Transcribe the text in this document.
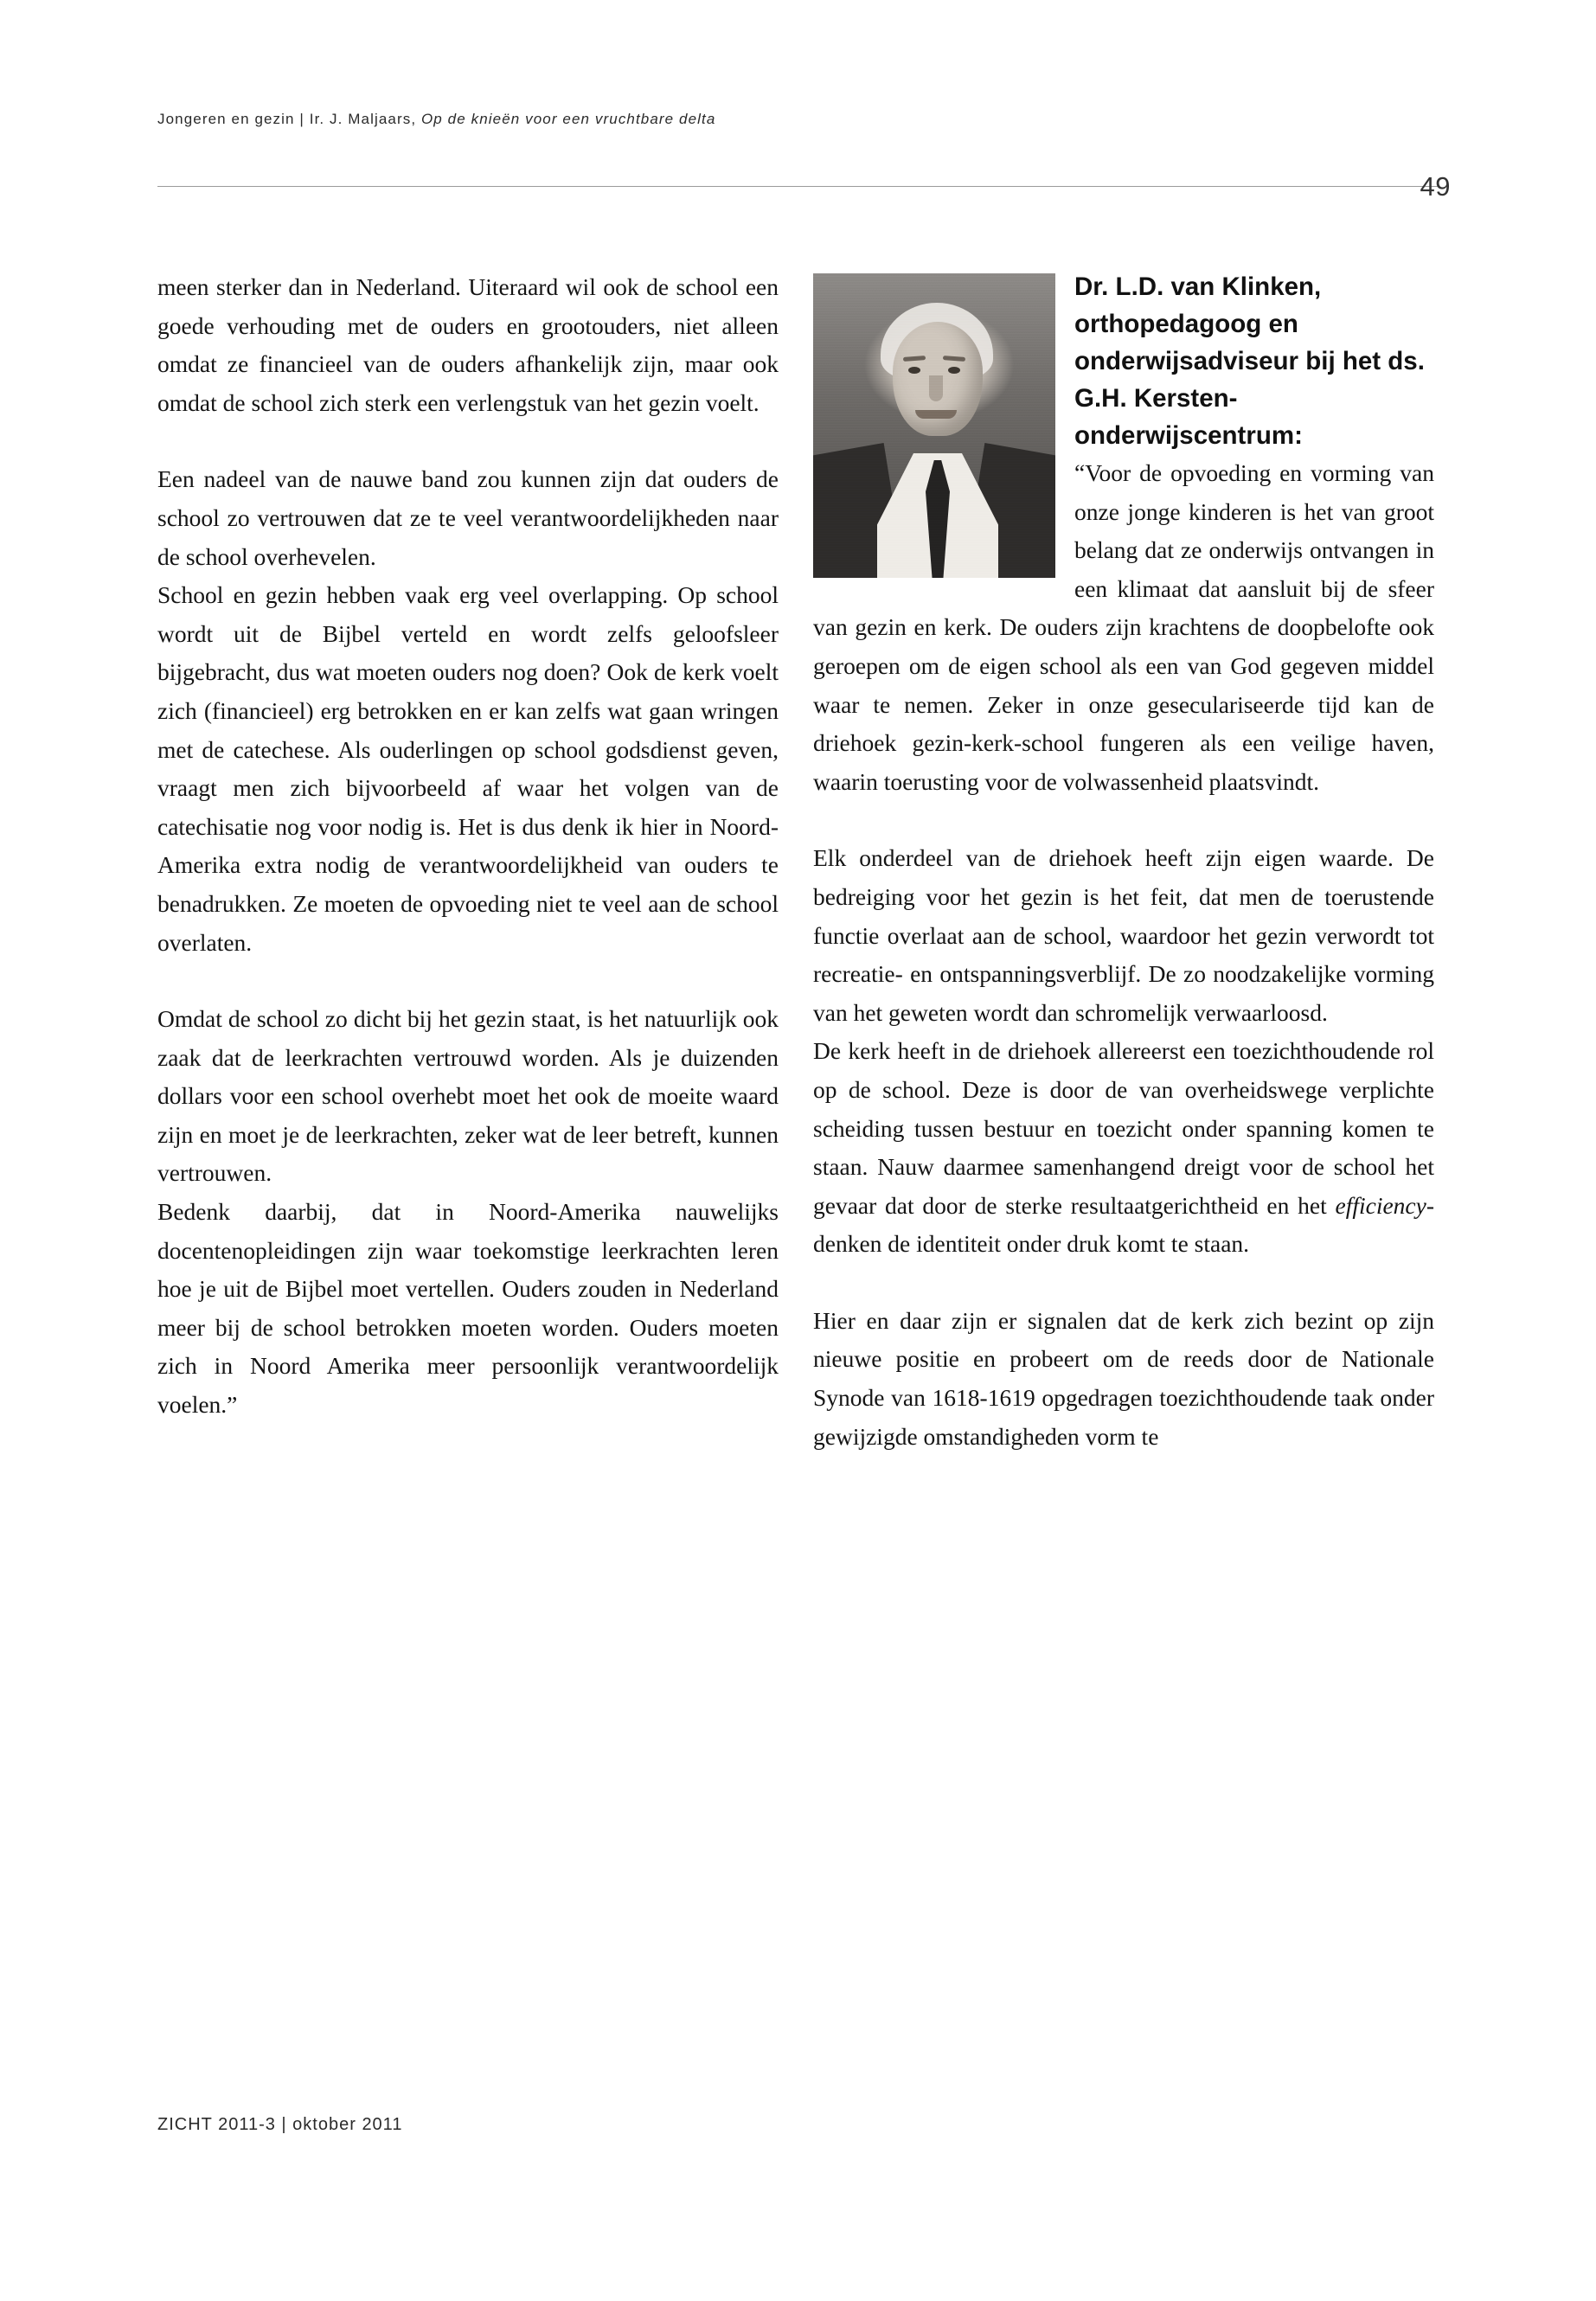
Jongeren en gezin | Ir. J. Maljaars, Op de knieën voor een vruchtbare delta
49

meen sterker dan in Nederland. Uiteraard wil ook de school een goede verhouding met de ouders en grootouders, niet alleen omdat ze financieel van de ouders afhankelijk zijn, maar ook omdat de school zich sterk een verlengstuk van het gezin voelt.

Een nadeel van de nauwe band zou kunnen zijn dat ouders de school zo vertrouwen dat ze te veel verantwoordelijkheden naar de school overhevelen.

School en gezin hebben vaak erg veel overlapping. Op school wordt uit de Bijbel verteld en wordt zelfs geloofsleer bijgebracht, dus wat moeten ouders nog doen? Ook de kerk voelt zich (financieel) erg betrokken en er kan zelfs wat gaan wringen met de catechese. Als ouderlingen op school godsdienst geven, vraagt men zich bijvoorbeeld af waar het volgen van de catechisatie nog voor nodig is. Het is dus denk ik hier in Noord-Amerika extra nodig de verantwoordelijkheid van ouders te benadrukken. Ze moeten de opvoeding niet te veel aan de school overlaten.

Omdat de school zo dicht bij het gezin staat, is het natuurlijk ook zaak dat de leerkrachten vertrouwd worden. Als je duizenden dollars voor een school overhebt moet het ook de moeite waard zijn en moet je de leerkrachten, zeker wat de leer betreft, kunnen vertrouwen.

Bedenk daarbij, dat in Noord-Amerika nauwelijks docentenopleidingen zijn waar toekomstige leerkrachten leren hoe je uit de Bijbel moet vertellen. Ouders zouden in Nederland meer bij de school betrokken moeten worden. Ouders moeten zich in Noord Amerika meer persoonlijk verantwoordelijk voelen.”

Dr. L.D. van Klinken, orthopedagoog en onderwijsadviseur bij het ds. G.H. Kersten-onderwijscentrum:

“Voor de opvoeding en vorming van onze jonge kinderen is het van groot belang dat ze onderwijs ontvangen in een klimaat dat aansluit bij de sfeer van gezin en kerk. De ouders zijn krachtens de doopbelofte ook geroepen om de eigen school als een van God gegeven middel waar te nemen. Zeker in onze geseculariseerde tijd kan de driehoek gezin-kerk-school fungeren als een veilige haven, waarin toerusting voor de volwassenheid plaatsvindt.

Elk onderdeel van de driehoek heeft zijn eigen waarde. De bedreiging voor het gezin is het feit, dat men de toerustende functie overlaat aan de school, waardoor het gezin verwordt tot recreatie- en ontspanningsverblijf. De zo noodzakelijke vorming van het geweten wordt dan schromelijk verwaarloosd.

De kerk heeft in de driehoek allereerst een toezichthoudende rol op de school. Deze is door de van overheidswege verplichte scheiding tussen bestuur en toezicht onder spanning komen te staan. Nauw daarmee samenhangend dreigt voor de school het gevaar dat door de sterke resultaatgerichtheid en het efficiency-denken de identiteit onder druk komt te staan.

Hier en daar zijn er signalen dat de kerk zich bezint op zijn nieuwe positie en probeert om de reeds door de Nationale Synode van 1618-1619 opgedragen toezichthoudende taak onder gewijzigde omstandigheden vorm te

ZICHT 2011-3 | oktober 2011
